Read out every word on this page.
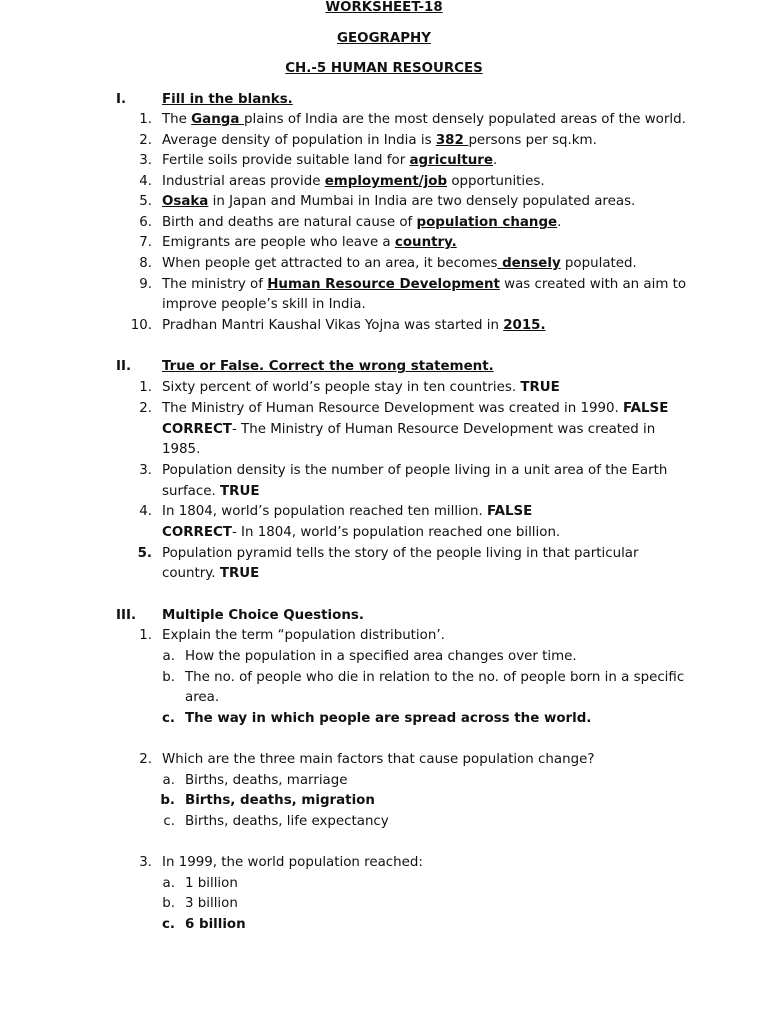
WORKSHEET-18
GEOGRAPHY
CH.-5 HUMAN RESOURCES
I.	Fill in the blanks.
1. The Ganga plains of India are the most densely populated areas of the world.
2. Average density of population in India is 382 persons per sq.km.
3. Fertile soils provide suitable land for agriculture.
4. Industrial areas provide employment/job opportunities.
5. Osaka in Japan and Mumbai in India are two densely populated areas.
6. Birth and deaths are natural cause of population change.
7. Emigrants are people who leave a country.
8. When people get attracted to an area, it becomes densely populated.
9. The ministry of Human Resource Development was created with an aim to
improve people’s skill in India.
10. Pradhan Mantri Kaushal Vikas Yojna was started in 2015.
II. True or False. Correct the wrong statement.
1. Sixty percent of world’s people stay in ten countries. TRUE
2. The Ministry of Human Resource Development was created in 1990. FALSE
CORRECT- The Ministry of Human Resource Development was created in
1985.
3. Population density is the number of people living in a unit area of the Earth
surface. TRUE
4. In 1804, world’s population reached ten million. FALSE
CORRECT- In 1804, world’s population reached one billion.
5. Population pyramid tells the story of the people living in that particular
country. TRUE
III. Multiple Choice Questions.
1. Explain the term “population distribution’.
a. How the population in a specified area changes over time.
b. The no. of people who die in relation to the no. of people born in a specific
area.
c. The way in which people are spread across the world.
2. Which are the three main factors that cause population change?
a. Births, deaths, marriage
b. Births, deaths, migration
c. Births, deaths, life expectancy
3. In 1999, the world population reached:
a. 1 billion
b. 3 billion
c. 6 billion
